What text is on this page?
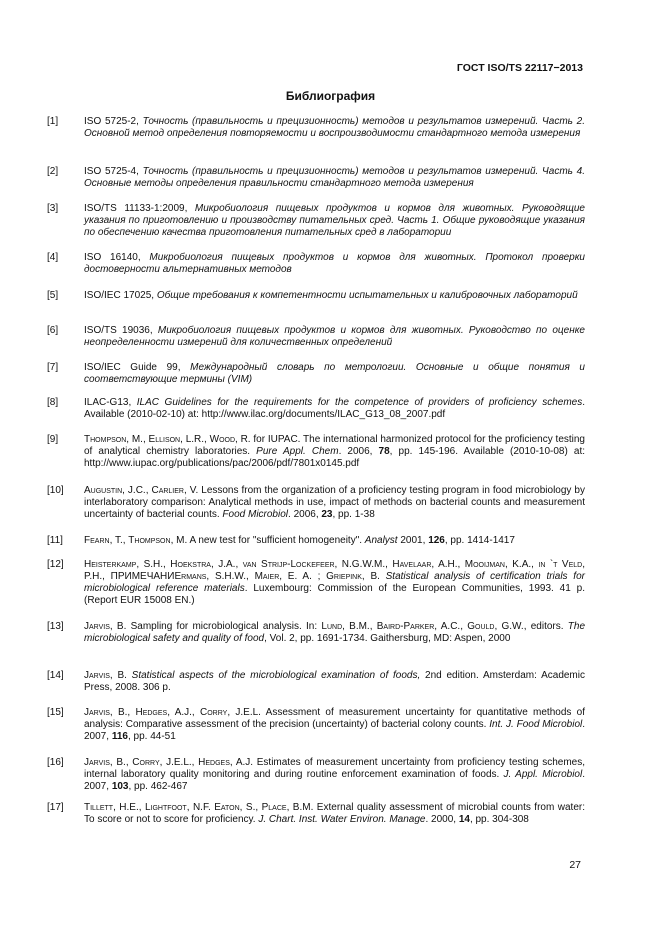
ГОСТ ISO/TS 22117−2013
Библиография
[1]	ISO 5725-2, Точность (правильность и прецизионность) методов и результатов измерений. Часть 2. Основной метод определения повторяемости и воспроизводимости стандартного метода измерения
[2]	ISO 5725-4, Точность (правильность и прецизионность) методов и результатов измерений. Часть 4. Основные методы определения правильности стандартного метода измерения
[3]	ISO/TS 11133-1:2009, Микробиология пищевых продуктов и кормов для животных. Руководящие указания по приготовлению и производству питательных сред. Часть 1. Общие руководящие указания по обеспечению качества приготовления питательных сред в лаборатории
[4]	ISO 16140, Микробиология пищевых продуктов и кормов для животных. Протокол проверки достоверности альтернативных методов
[5]	ISO/IEC 17025, Общие требования к компетентности испытательных и калибровочных лабораторий
[6]	ISO/TS 19036, Микробиология пищевых продуктов и кормов для животных. Руководство по оценке неопределенности измерений для количественных определений
[7]	ISO/IEC Guide 99, Международный словарь по метрологии. Основные и общие понятия и соответствующие термины (VIM)
[8]	ILAC-G13, ILAC Guidelines for the requirements for the competence of providers of proficiency schemes. Available (2010-02-10) at: http://www.ilac.org/documents/ILAC_G13_08_2007.pdf
[9]	Thompson, M., Ellison, L.R., Wood, R. for IUPAC. The international harmonized protocol for the proficiency testing of analytical chemistry laboratories. Pure Appl. Chem. 2006, 78, pp. 145-196. Available (2010-10-08) at: http://www.iupac.org/publications/pac/2006/pdf/7801x0145.pdf
[10]	Augustin, J.C., Carlier, V. Lessons from the organization of a proficiency testing program in food microbiology by interlaboratory comparison: Analytical methods in use, impact of methods on bacterial counts and measurement uncertainty of bacterial counts. Food Microbiol. 2006, 23, pp. 1-38
[11]	Fearn, T., Thompson, M. A new test for "sufficient homogeneity". Analyst 2001, 126, pp. 1414-1417
[12]	Heisterkamp, S.H., Hoekstra, J.A., van Strijp-Lockefeer, N.G.W.M., Havelaar, A.H., Mooijman, K.A., in `t Veld, P.H., ПРИМЕЧАНИЕrmans, S.H.W., Maier, E. A. ; Griepink, B. Statistical analysis of certification trials for microbiological reference materials. Luxembourg: Commission of the European Communities, 1993. 41 p. (Report EUR 15008 EN.)
[13]	Jarvis, B. Sampling for microbiological analysis. In: Lund, B.M., Baird-Parker, A.C., Gould, G.W., editors. The microbiological safety and quality of food, Vol. 2, pp. 1691-1734. Gaithersburg, MD: Aspen, 2000
[14]	Jarvis, B. Statistical aspects of the microbiological examination of foods, 2nd edition. Amsterdam: Academic Press, 2008. 306 p.
[15]	Jarvis, B., Hedges, A.J., Corry, J.E.L. Assessment of measurement uncertainty for quantitative methods of analysis: Comparative assessment of the precision (uncertainty) of bacterial colony counts. Int. J. Food Microbiol. 2007, 116, pp. 44-51
[16]	Jarvis, B., Corry, J.E.L., Hedges, A.J. Estimates of measurement uncertainty from proficiency testing schemes, internal laboratory quality monitoring and during routine enforcement examination of foods. J. Appl. Microbiol. 2007, 103, pp. 462-467
[17]	Tillett, H.E., Lightfoot, N.F. Eaton, S., Place, B.M. External quality assessment of microbial counts from water: To score or not to score for proficiency. J. Chart. Inst. Water Environ. Manage. 2000, 14, pp. 304-308
27
